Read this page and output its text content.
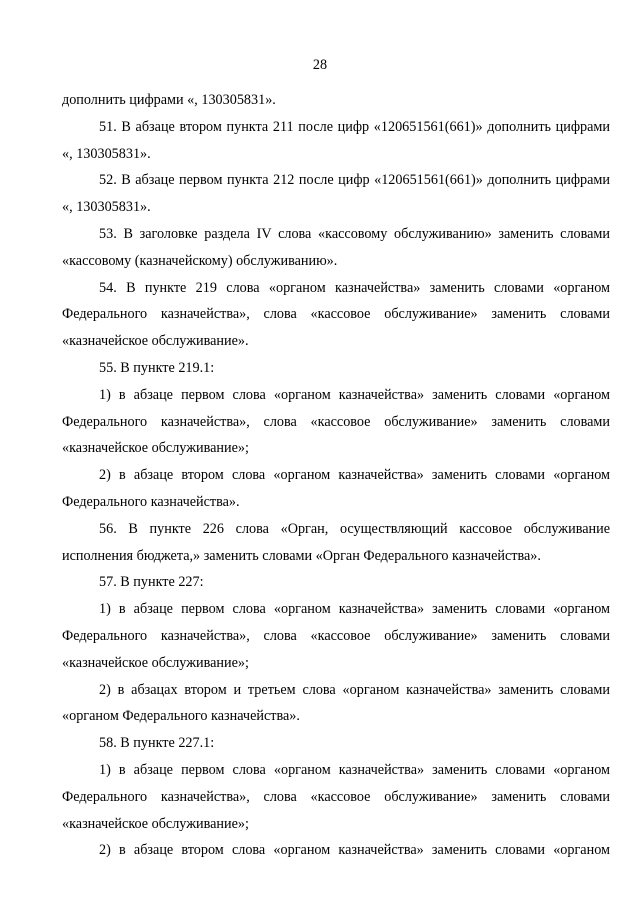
28

дополнить цифрами «, 130305831».

51. В абзаце втором пункта 211 после цифр «120651561(661)» дополнить цифрами «, 130305831».

52. В абзаце первом пункта 212 после цифр «120651561(661)» дополнить цифрами «, 130305831».

53. В заголовке раздела IV слова «кассовому обслуживанию» заменить словами «кассовому (казначейскому) обслуживанию».

54. В пункте 219 слова «органом казначейства» заменить словами «органом Федерального казначейства», слова «кассовое обслуживание» заменить словами «казначейское обслуживание».

55. В пункте 219.1:

1) в абзаце первом слова «органом казначейства» заменить словами «органом Федерального казначейства», слова «кассовое обслуживание» заменить словами «казначейское обслуживание»;

2) в абзаце втором слова «органом казначейства» заменить словами «органом Федерального казначейства».

56. В пункте 226 слова «Орган, осуществляющий кассовое обслуживание исполнения бюджета,» заменить словами «Орган Федерального казначейства».

57. В пункте 227:

1) в абзаце первом слова «органом казначейства» заменить словами «органом Федерального казначейства», слова «кассовое обслуживание» заменить словами «казначейское обслуживание»;

2) в абзацах втором и третьем слова «органом казначейства» заменить словами «органом Федерального казначейства».

58. В пункте 227.1:

1) в абзаце первом слова «органом казначейства» заменить словами «органом Федерального казначейства», слова «кассовое обслуживание» заменить словами «казначейское обслуживание»;

2) в абзаце втором слова «органом казначейства» заменить словами «органом
